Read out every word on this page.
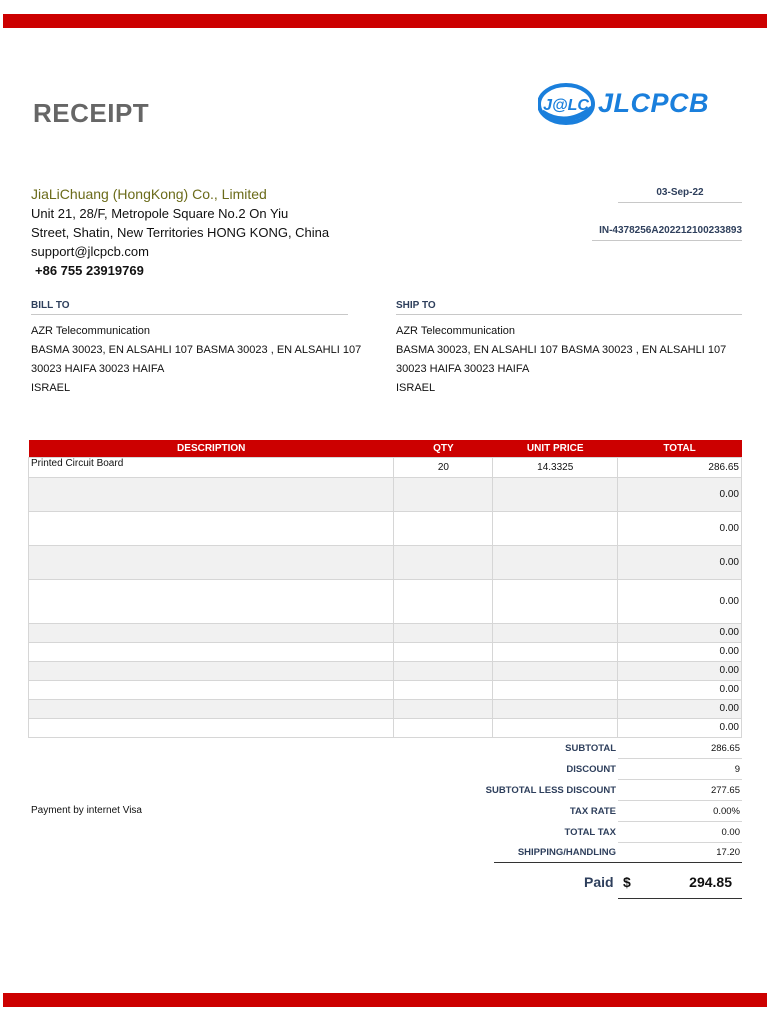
RECEIPT	J@LC JLCPCB
JiaLiChuang (HongKong) Co., Limited
Unit 21, 28/F, Metropole Square No.2 On Yiu
Street, Shatin, New Territories HONG KONG, China
support@jlcpcb.com
+86 755 23919769
03-Sep-22
IN-4378256A202212100233893
BILL TO
AZR Telecommunication
BASMA 30023, EN ALSAHLI 107 BASMA 30023 , EN ALSAHLI 107
30023 HAIFA 30023 HAIFA
ISRAEL
SHIP TO
AZR Telecommunication
BASMA 30023, EN ALSAHLI 107 BASMA 30023 , EN ALSAHLI 107
30023 HAIFA 30023 HAIFA
ISRAEL
DESCRIPTION	QTY	UNIT PRICE	TOTAL
Printed Circuit Board	20	14.3325	286.65
			0.00
			0.00
			0.00
			0.00
			0.00
			0.00
			0.00
			0.00
			0.00
			0.00
Payment by internet Visa
SUBTOTAL	286.65
DISCOUNT	9
SUBTOTAL LESS DISCOUNT	277.65
TAX RATE	0.00%
TOTAL TAX	0.00
SHIPPING/HANDLING	17.20
Paid $	294.85
